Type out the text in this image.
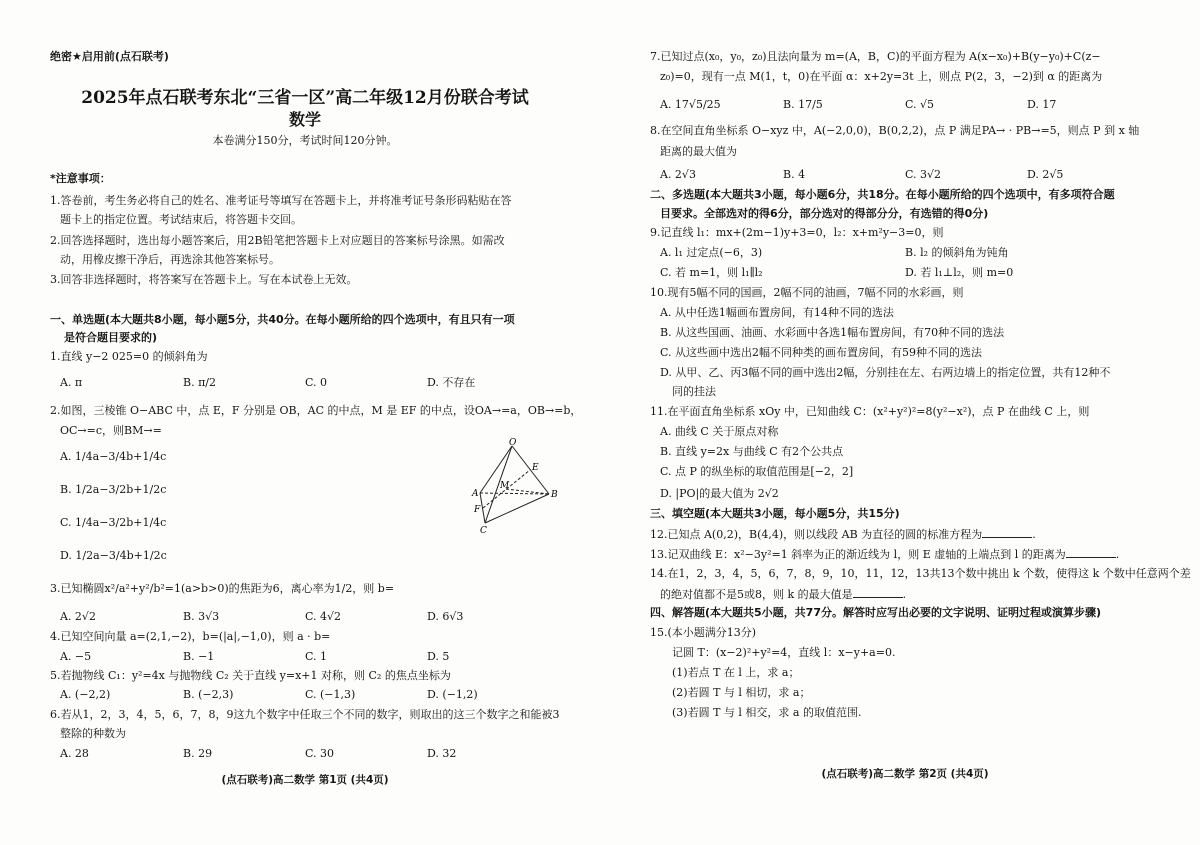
绝密★启用前(点石联考)
2025年点石联考东北“三省一区”高二年级12月份联合考试
数学
本卷满分150分，考试时间120分钟。
*注意事项：
1.答卷前，考生务必将自己的姓名、准考证号等填写在答题卡上，并将准考证号条形码粘贴在答
题卡上的指定位置。考试结束后，将答题卡交回。
2.回答选择题时，选出每小题答案后，用2B铅笔把答题卡上对应题目的答案标号涂黑。如需改
动，用橡皮擦干净后，再选涂其他答案标号。
3.回答非选择题时，将答案写在答题卡上。写在本试卷上无效。
一、单选题(本大题共8小题，每小题5分，共40分。在每小题所给的四个选项中，有且只有一项
是符合题目要求的)
1.直线 y−2 025=0 的倾斜角为
A. π	B. π/2	C. 0	D. 不存在
2.如图，三棱锥 O−ABC 中，点 E，F 分别是 OB，AC 的中点，M 是 EF 的中点，设OA→=a，OB→=b，
OC→=c，则BM→=
A. 1/4a−3/4b+1/4c
B. 1/2a−3/2b+1/2c
C. 1/4a−3/2b+1/4c
D. 1/2a−3/4b+1/2c
O
E
A
M
B
F
C
3.已知椭圆x²/a²+y²/b²=1(a>b>0)的焦距为6，离心率为1/2，则 b=
A. 2√2	B. 3√3	C. 4√2	D. 6√3
4.已知空间向量 a=(2,1,−2)，b=(|a|,−1,0)，则 a · b=
A. −5	B. −1	C. 1	D. 5
5.若抛物线 C₁：y²=4x 与抛物线 C₂ 关于直线 y=x+1 对称，则 C₂ 的焦点坐标为
A. (−2,2)	B. (−2,3)	C. (−1,3)	D. (−1,2)
6.若从1，2，3，4，5，6，7，8，9这九个数字中任取三个不同的数字，则取出的这三个数字之和能被3
整除的种数为
A. 28	B. 29	C. 30	D. 32
(点石联考)高二数学 第1页 (共4页)
7.已知过点(x₀，y₀，z₀)且法向量为 m=(A，B，C)的平面方程为 A(x−x₀)+B(y−y₀)+C(z−
z₀)=0，现有一点 M(1，t，0)在平面 α：x+2y=3t 上，则点 P(2，3，−2)到 α 的距离为
A. 17√5/25	B. 17/5	C. √5	D. 17
8.在空间直角坐标系 O−xyz 中，A(−2,0,0)，B(0,2,2)，点 P 满足PA→ · PB→=5，则点 P 到 x 轴
距离的最大值为
A. 2√3	B. 4	C. 3√2	D. 2√5
二、多选题(本大题共3小题，每小题6分，共18分。在每小题所给的四个选项中，有多项符合题
目要求。全部选对的得6分，部分选对的得部分分，有选错的得0分)
9.记直线 l₁：mx+(2m−1)y+3=0，l₂：x+m²y−3=0，则
A. l₁ 过定点(−6，3)	B. l₂ 的倾斜角为钝角
C. 若 m=1，则 l₁∥l₂	D. 若 l₁⊥l₂，则 m=0
10.现有5幅不同的国画，2幅不同的油画，7幅不同的水彩画，则
A. 从中任选1幅画布置房间，有14种不同的选法
B. 从这些国画、油画、水彩画中各选1幅布置房间，有70种不同的选法
C. 从这些画中选出2幅不同种类的画布置房间，有59种不同的选法
D. 从甲、乙、丙3幅不同的画中选出2幅，分别挂在左、右两边墙上的指定位置，共有12种不
同的挂法
11.在平面直角坐标系 xOy 中，已知曲线 C：(x²+y²)²=8(y²−x²)，点 P 在曲线 C 上，则
A. 曲线 C 关于原点对称
B. 直线 y=2x 与曲线 C 有2个公共点
C. 点 P 的纵坐标的取值范围是[−2，2]
D. |PO|的最大值为 2√2
三、填空题(本大题共3小题，每小题5分，共15分)
12.已知点 A(0,2)，B(4,4)，则以线段 AB 为直径的圆的标准方程为	.
13.记双曲线 E：x²−3y²=1 斜率为正的渐近线为 l，则 E 虚轴的上端点到 l 的距离为	.
14.在1，2，3，4，5，6，7，8，9，10，11，12，13共13个数中挑出 k 个数，使得这 k 个数中任意两个差
的绝对值都不是5或8，则 k 的最大值是	.
四、解答题(本大题共5小题，共77分。解答时应写出必要的文字说明、证明过程或演算步骤)
15.(本小题满分13分)
记圆 T：(x−2)²+y²=4，直线 l：x−y+a=0.
(1)若点 T 在 l 上，求 a；
(2)若圆 T 与 l 相切，求 a；
(3)若圆 T 与 l 相交，求 a 的取值范围.
(点石联考)高二数学 第2页 (共4页)
